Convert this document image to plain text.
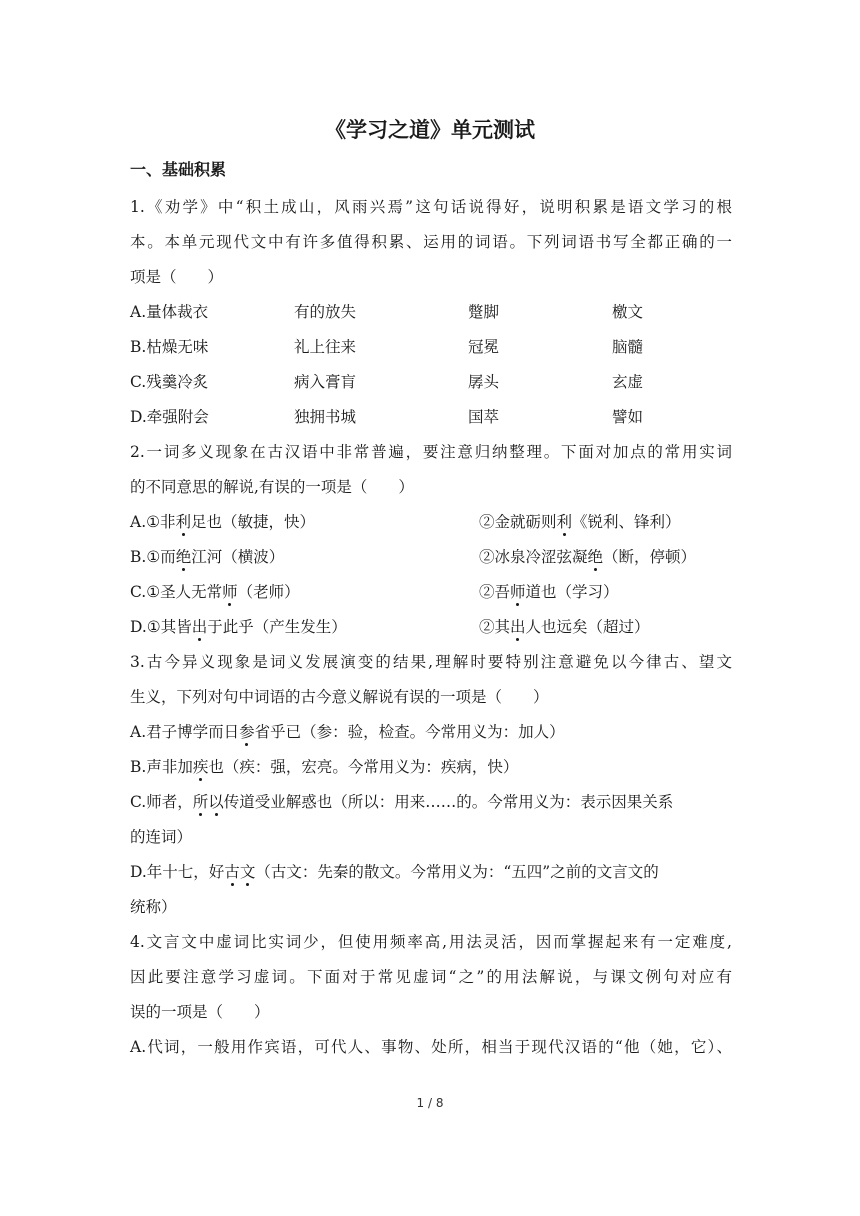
《学习之道》单元测试
一、基础积累
1.《劝学》中“积土成山，风雨兴焉”这句话说得好，说明积累是语文学习的根
本。本单元现代文中有许多值得积累、运用的词语。下列词语书写全都正确的一
项是（　　）
A.量体裁衣	有的放失	蹩脚	檄文
B.枯燥无味	礼上往来	冠冕	脑髓
C.残羹冷炙	病入膏肓	孱头	玄虚
D.牵强附会	独拥书城	国萃	譬如
2.一词多义现象在古汉语中非常普遍，要注意归纳整理。下面对加点的常用实词
的不同意思的解说,有误的一项是（　　）
A.①非利足也（敏捷，快）	②金就砺则利《锐利、锋利）
B.①而绝江河（横波）	②冰泉冷涩弦凝绝（断，停顿）
C.①圣人无常师（老师）	②吾师道也（学习）
D.①其皆出于此乎（产生发生）	②其出人也远矣（超过）
3.古今异义现象是词义发展演变的结果,理解时要特别注意避免以今律古、望文
生义，下列对句中词语的古今意义解说有误的一项是（　　）
A.君子博学而日参省乎已（参：验，检查。今常用义为：加人）
B.声非加疾也（疾：强，宏亮。今常用义为：疾病，快）
C.师者，所以传道受业解惑也（所以：用来……的。今常用义为：表示因果关系
的连词）
D.年十七，好古文（古文：先秦的散文。今常用义为：“五四”之前的文言文的
统称）
4.文言文中虚词比实词少，但使用频率高,用法灵活，因而掌握起来有一定难度,
因此要注意学习虚词。下面对于常见虚词“之”的用法解说，与课文例句对应有
误的一项是（　　）
A.代词，一般用作宾语，可代人、事物、处所，相当于现代汉语的“他（她，它）、
1 / 8
